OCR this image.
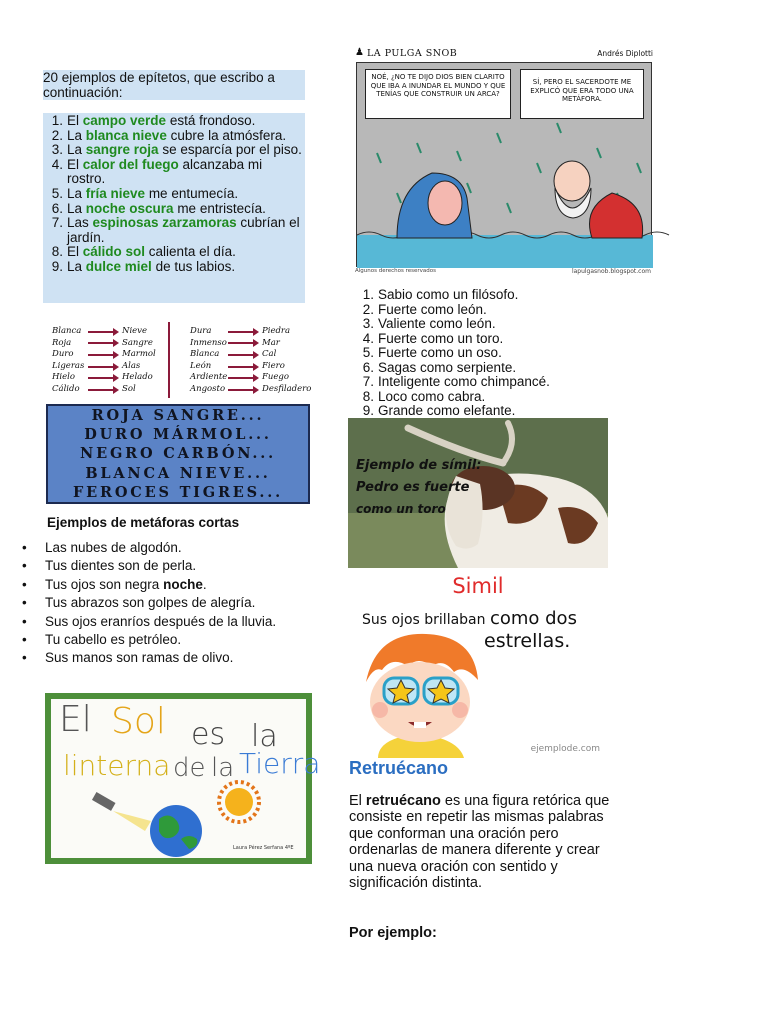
20 ejemplos de epítetos, que escribo a continuación:
1. El campo verde está frondoso.
2. La blanca nieve cubre la atmósfera.
3. La sangre roja se esparcía por el piso.
4. El calor del fuego alcanzaba mi rostro.
5. La fría nieve me entumecía.
6. La noche oscura me entristecía.
7. Las espinosas zarzamoras cubrían el jardín.
8. El cálido sol calienta el día.
9. La dulce miel de tus labios.
Blanca
Roja
Duro
Ligeras
Hielo
Cálido
Nieve
Sangre
Marmol
Alas
Helado
Sol
Dura
Inmenso
Blanca
León
Ardiente
Angosto
Piedra
Mar
Cal
Fiero
Fuego
Desfiladero
ROJA SANGRE...
DURO MÁRMOL...
NEGRO CARBÓN...
BLANCA NIEVE...
FEROCES TIGRES...
Ejemplos de metáforas cortas
• Las nubes de algodón.
• Tus dientes son de perla.
• Tus ojos son negra noche.
• Tus abrazos son golpes de alegría.
• Sus ojos eranríos después de la lluvia.
• Tu cabello es petróleo.
• Sus manos son ramas de olivo.
El Sol es la
linterna de la Tierra
Laura Pérez Serfana 4ºE
♟ LA PULGA SNOB	Andrés Diplotti
NOÉ, ¿NO TE DIJO DIOS BIEN CLARITO QUE IBA A INUNDAR EL MUNDO Y QUE TENÍAS QUE CONSTRUIR UN ARCA?
SÍ, PERO EL SACERDOTE ME EXPLICÓ QUE ERA TODO UNA METÁFORA.
Algunos derechos reservados	lapulgasnob.blogspot.com
1. Sabio como un filósofo.
2. Fuerte como león.
3. Valiente como león.
4. Fuerte como un toro.
5. Fuerte como un oso.
6. Sagas como serpiente.
7. Inteligente como chimpancé.
8. Loco como cabra.
9. Grande como elefante.
Ejemplo de símil:
Pedro es fuerte
como un toro
Simil
Sus ojos brillaban como dos
estrellas.
ejemplode.com
Retruécano
El retruécano es una figura retórica que consiste en repetir las mismas palabras que conforman una oración pero ordenarlas de manera diferente y crear una nueva oración con sentido y significación distinta.
Por ejemplo:
